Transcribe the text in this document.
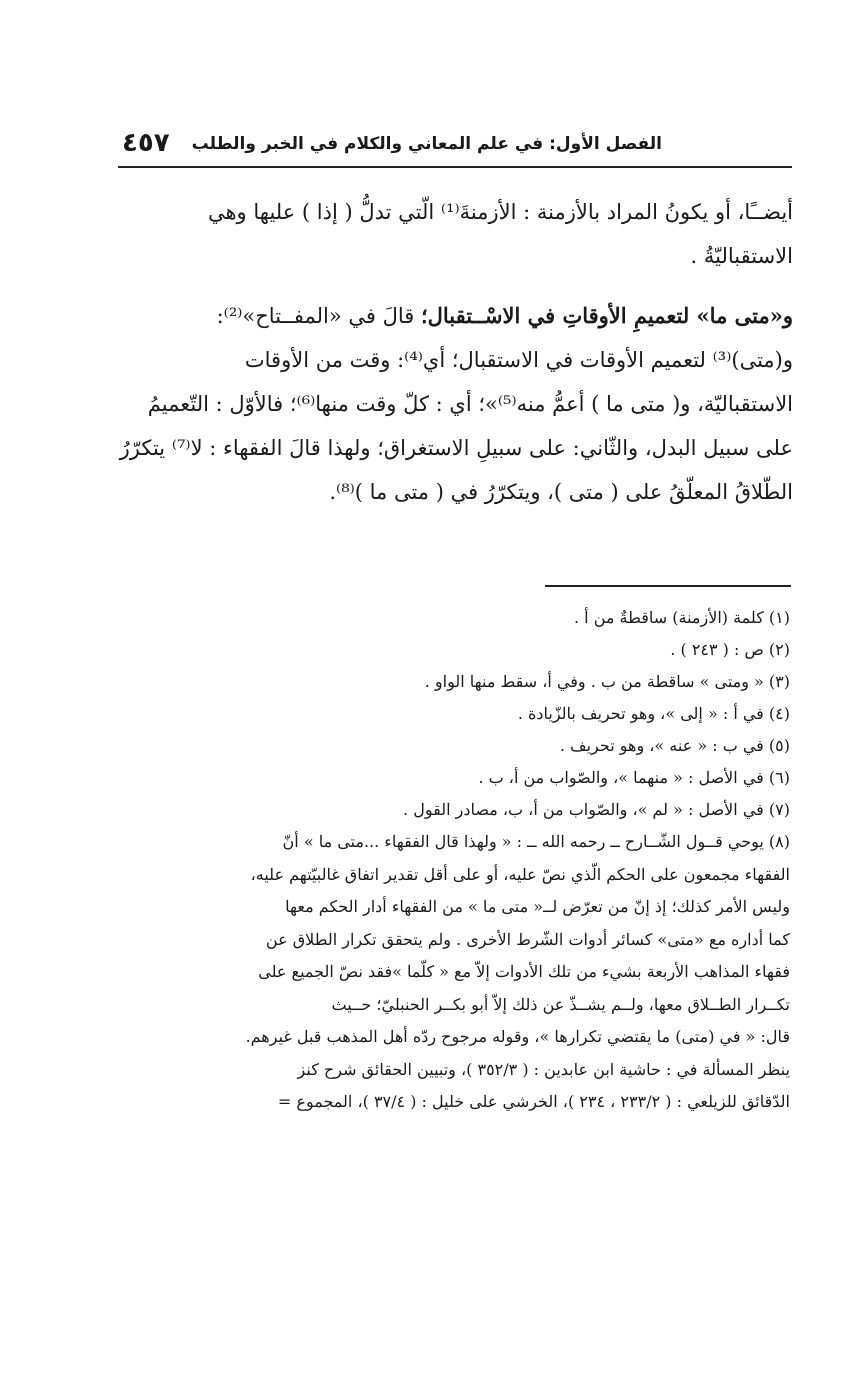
الفصل الأول: في علم المعاني والكلام في الخبر والطلب
٤٥٧
أيضــًا، أو يكونُ المراد بالأزمنة : الأزمنةَ⁽¹⁾ الّتي تدلُّ ( إذا ) عليها وهي
الاستقباليّةُ .
و«متى ما» لتعميمِ الأوقاتِ في الاسْــتقبال؛ قالَ في «المفــتاح»⁽²⁾:
و(متى)⁽³⁾ لتعميم الأوقات في الاستقبال؛ أي⁽⁴⁾: وقت من الأوقات
الاستقباليّة، و( متى ما ) أعمُّ منه⁽⁵⁾»؛ أي : كلّ وقت منها⁽⁶⁾؛ فالأوّل : التّعميمُ
على سبيل البدل، والثّاني: على سبيلِ الاستغراق؛ ولهذا قالَ الفقهاء : لا⁽⁷⁾ يتكرّرُ
الطّلاقُ المعلّقُ على ( متى )، ويتكرّرُ في ( متى ما )⁽⁸⁾.
(١) كلمة (الأزمنة) ساقطةٌ من أ .
(٢) ص : ( ٢٤٣ ) .
(٣) « ومتى » ساقطة من ب . وفي أ، سقط منها الواو .
(٤) في أ : « إلى »، وهو تحريف بالزّيادة .
(٥) في ب : « عنه »، وهو تحريف .
(٦) في الأصل : « منهما »، والصّواب من أ، ب .
(٧) في الأصل : « لم »، والصّواب من أ، ب، مصادر القول .
(٨) يوحي قــول الشّــارح ــ رحمه الله ــ : « ولهذا قال الفقهاء ...متى ما » أنّ
الفقهاء مجمعون على الحكم الّذي نصّ عليه، أو على أقل تقدير اتفاق غالبيّتهم عليه،
وليس الأمر كذلك؛ إذ إنّ من تعرّض لــ« متى ما » من الفقهاء أدار الحكم معها
كما أداره مع «متى» كسائر أدوات الشّرط الأخرى . ولم يتحقق تكرار الطلاق عن
فقهاء المذاهب الأربعة بشيء من تلك الأدوات إلاّ مع « كلّما »فقد نصّ الجميع على
تكــرار الطــلاق معها، ولــم يشــذّ عن ذلك إلاّ أبو بكــر الحنبليّ؛ حــيث
قال: « في (متى) ما يقتضي تكرارها »، وقوله مرجوح ردّه أهل المذهب قبل غيرهم.
ينظر المسألة في : حاشية ابن عابدين : ( ٣٥٢/٣ )، وتبيين الحقائق شرح كنز
الدّقائق للزيلعي : ( ٢٣٣/٢ ، ٢٣٤ )، الخرشي على خليل : ( ٣٧/٤ )، المجموع =
